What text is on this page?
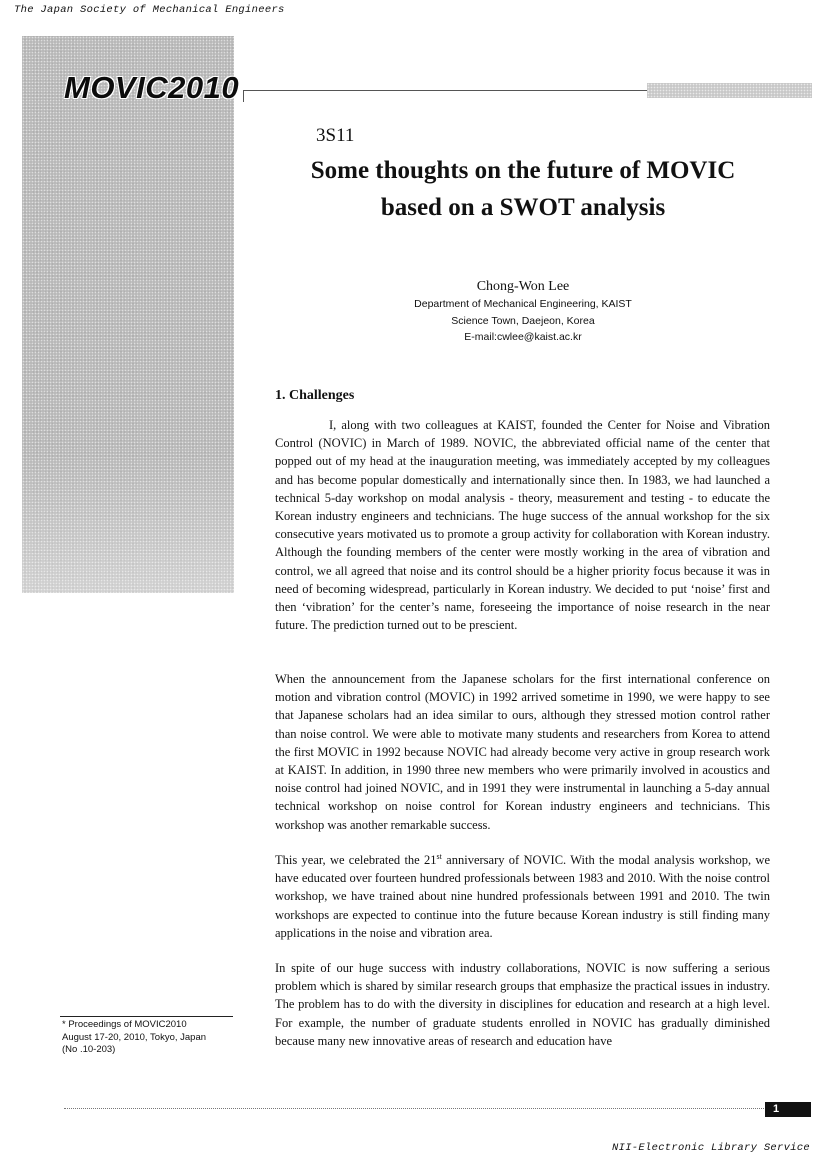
The Japan Society of Mechanical Engineers
MOVIC2010
3S11
Some thoughts on the future of MOVIC
based on a SWOT analysis
Chong-Won Lee
Department of Mechanical Engineering, KAIST
Science Town, Daejeon, Korea
E-mail:cwlee@kaist.ac.kr
1. Challenges

I, along with two colleagues at KAIST, founded the Center for Noise and Vibration Control (NOVIC) in March of 1989. NOVIC, the abbreviated official name of the center that popped out of my head at the inauguration meeting, was immediately accepted by my colleagues and has become popular domestically and internationally since then. In 1983, we had launched a technical 5-day workshop on modal analysis - theory, measurement and testing - to educate the Korean industry engineers and technicians. The huge success of the annual workshop for the six consecutive years motivated us to promote a group activity for collaboration with Korean industry. Although the founding members of the center were mostly working in the area of vibration and control, we all agreed that noise and its control should be a higher priority focus because it was in need of becoming widespread, particularly in Korean industry. We decided to put ‘noise’ first and then ‘vibration’ for the center’s name, foreseeing the importance of noise research in the near future. The prediction turned out to be prescient.

When the announcement from the Japanese scholars for the first international conference on motion and vibration control (MOVIC) in 1992 arrived sometime in 1990, we were happy to see that Japanese scholars had an idea similar to ours, although they stressed motion control rather than noise control. We were able to motivate many students and researchers from Korea to attend the first MOVIC in 1992 because NOVIC had already become very active in group research work at KAIST. In addition, in 1990 three new members who were primarily involved in acoustics and noise control had joined NOVIC, and in 1991 they were instrumental in launching a 5-day annual technical workshop on noise control for Korean industry engineers and technicians. This workshop was another remarkable success.

This year, we celebrated the 21st anniversary of NOVIC. With the modal analysis workshop, we have educated over fourteen hundred professionals between 1983 and 2010. With the noise control workshop, we have trained about nine hundred professionals between 1991 and 2010. The twin workshops are expected to continue into the future because Korean industry is still finding many applications in the noise and vibration area.

In spite of our huge success with industry collaborations, NOVIC is now suffering a serious problem which is shared by similar research groups that emphasize the practical issues in industry. The problem has to do with the diversity in disciplines for education and research at a high level. For example, the number of graduate students enrolled in NOVIC has gradually diminished because many new innovative areas of research and education have

* Proceedings of MOVIC2010
August 17-20, 2010, Tokyo, Japan
(No .10-203)
1
NII-Electronic Library Service
